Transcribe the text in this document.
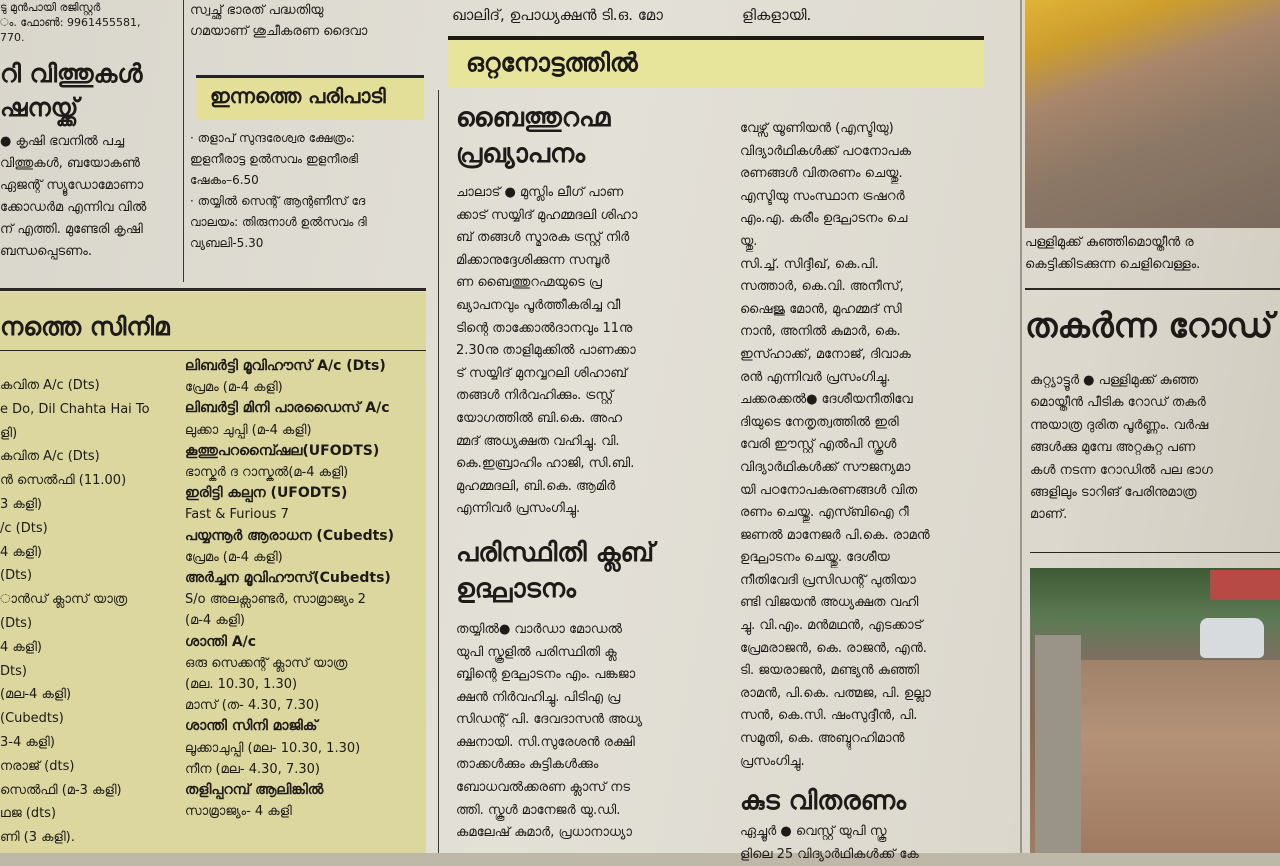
ടു മുൻപായി രജിസ്റ്റർ
ം. ഫോൺ: 9961455581,
770.
റി വിത്തുകൾ
ഷനയ്ക്ക്
● കൃഷി ഭവനിൽ പച്ച
വിത്തുകൾ, ബയോകൺ
ഏജന്റ് സ്യൂഡോമോണാ
ക്കോഡർമ എന്നിവ വിൽ
ന് എത്തി. മുണ്ടേരി കൃഷി
ബന്ധപ്പെടണം.
സ്വച്ഛ് ഭാരത് പദ്ധതിയു
ഗമയാണ് ശുചീകരണ ദൈവാ
· തളാപ് സുന്ദരേശ്വര ക്ഷേത്രം:
ഇളനീരാട്ട ഉൽസവം ഇളനീരഭി
ഷേകം–6.50
· തയ്യിൽ സെന്റ് ആന്റണീസ് ദേ
വാലയം: തിരുനാൾ ഉൽസവം ദി
വ്യബലി-5.30
ഇന്നത്തെ പരിപാടി
നത്തെ സിനിമ
കവിത A/c (Dts)
e Do, Dil Chahta Hai To
ളി)
കവിത A/c (Dts)
ൻ സെൽഫി (11.00)
3 കളി)
/c (Dts)
4 കളി)
(Dts)
ാൻഡ് ക്ലാസ് യാത്ര
(Dts)
4 കളി)
Dts)
(മല-4 കളി)
(Cubedts)
3-4 കളി)
നരാജ് (dts)
സെൽഫി (മ-3 കളി)
ഥജ (dts)
ണി (3 കളി).
ലിബർട്ടി മൂവിഹൗസ് A/c (Dts)
പ്രേമം (മ-4 കളി)
ലിബർട്ടി മിനി പാരഡൈസ് A/c
ലുക്കാ ചുപ്പി (മ-4 കളി)
കൂത്തുപറമ്പ്ഷൈല(UFODTS)
ഭാസ്കർ ദ റാസ്കൽ(മ-4 കളി)
ഇരിട്ടി കല്പന (UFODTS)
Fast & Furious 7
പയ്യന്നൂർ ആരാധന (Cubedts)
പ്രേമം (മ-4 കളി)
അർച്ചന മൂവിഹൗസ്(Cubedts)
S/o അലക്സാണ്ടർ, സാമ്രാജ്യം 2
(മ-4 കളി)
ശാന്തി A/c
ഒരു സെക്കന്റ് ക്ലാസ് യാത്ര
(മല. 10.30, 1.30)
മാസ് (ത- 4.30, 7.30)
ശാന്തി സിനി മാജിക്
ലൂക്കാചുപ്പി (മല- 10.30, 1.30)
നീന (മല- 4.30, 7.30)
തളിപ്പറമ്പ് ആലിങ്കിൽ
സാമ്രാജ്യം- 4 കളി
ഖാലിദ്, ഉപാധ്യക്ഷൻ ടി.ഒ. മോ	ളികളായി.
ഒറ്റനോട്ടത്തിൽ
ബൈത്തുറഹ്മ
പ്രഖ്യാപനം
ചാലാട് ● മുസ്ലിം ലീഗ് പാണ
ക്കാട് സയ്യിദ് മുഹമ്മദലി ശിഹാ
ബ് തങ്ങൾ സ്മാരക ട്രസ്റ്റ് നിർ
മിക്കാനുദ്ദേശിക്കുന്ന സമ്പൂർ
ണ ബൈത്തുറഹ്മയുടെ പ്ര
ഖ്യാപനവും പൂർത്തീകരിച്ച വീ
ടിന്റെ താക്കോൽദാനവും 11നു
2.30നു താളിമുക്കിൽ പാണക്കാ
ട് സയ്യിദ് മുനവ്വറലി ശിഹാബ്
തങ്ങൾ നിർവഹിക്കും. ട്രസ്റ്റ്
യോഗത്തിൽ ബി.കെ. അഹ
മ്മദ് അധ്യക്ഷത വഹിച്ചു. വി.
കെ.ഇബ്രാഹിം ഹാജി, സി.ബി.
മുഹമ്മദലി, ബി.കെ. ആമിർ
എന്നിവർ പ്രസംഗിച്ചു.
പരിസ്ഥിതി ക്ലബ്
ഉദ്ഘാടനം
തയ്യിൽ● വാർഡാ മോഡൽ
യുപി സ്കൂളിൽ പരിസ്ഥിതി ക്ല
ബ്ബിന്റെ ഉദ്ഘാടനം എം. പങ്കജാ
ക്ഷൻ നിർവഹിച്ചു. പിടിഎ പ്ര
സിഡന്റ് പി. ദേവദാസൻ അധ്യ
ക്ഷനായി. സി.സുരേശൻ രക്ഷി
താക്കൾക്കും കുട്ടികൾക്കും
ബോധവൽക്കരണ ക്ലാസ് നട
ത്തി. സ്കൂൾ മാനേജർ യു.ഡി.
കമലേഷ് കുമാർ, പ്രധാനാധ്യാ
വേഴ്സ് യൂണിയൻ (എസ്ടിയു)
വിദ്യാർഥികൾക്ക് പഠനോപക
രണങ്ങൾ വിതരണം ചെയ്തു.
എസ്ടിയു സംസ്ഥാന ട്രഷറർ
എം.എ. കരീം ഉദ്ഘാടനം ചെ
യ്തു.
സി.ച്ച്. സിദ്ദീഖ്, കെ.പി.
സത്താർ, കെ.വി. അനീസ്,
ഷൈജു മോൻ, മുഹമ്മദ് സി
നാൻ, അനിൽ കുമാർ, കെ.
ഇസ്ഹാക്ക്, മനോജ്, ദിവാക
രൻ എന്നിവർ പ്രസംഗിച്ചു.
ചക്കരക്കൽ● ദേശീയനീതിവേ
ദിയുടെ നേതൃത്വത്തിൽ ഇരി
വേരി ഈസ്റ്റ് എൽപി സ്കൂൾ
വിദ്യാർഥികൾക്ക് സൗജന്യമാ
യി പഠനോപകരണങ്ങൾ വിത
രണം ചെയ്തു. എസ്ബിഐ റീ
ജണൽ മാനേജർ പി.കെ. രാമൻ
ഉദ്ഘാടനം ചെയ്തു. ദേശീയ
നീതിവേദി പ്രസിഡന്റ് പുതിയാ
ണ്ടി വിജയൻ അധ്യക്ഷത വഹി
ച്ചു. വി.എം. മൻമഥൻ, എടക്കാട്
പ്രേമരാജൻ, കെ. രാജൻ, എൻ.
ടി. ജയരാജൻ, മണ്ട്യൻ കുഞ്ഞി
രാമൻ, പി.കെ. പത്മജ, പി. ഉല്ലാ
സൻ, കെ.സി. ഷംസുദ്ദീൻ, പി.
സമൂതി, കെ. അബ്ദുറഹിമാൻ
പ്രസംഗിച്ചു.
കുട വിതരണം
ഏച്ചൂർ ● വെസ്റ്റ് യുപി സ്കൂ
ളിലെ 25 വിദ്യാർഥികൾക്ക് കേ
പള്ളിമുക്ക് കുഞ്ഞിമൊയ്തീൻ ര
കെട്ടിക്കിടക്കുന്ന ചെളിവെള്ളം.
തകർന്ന റോഡ്
കുറ്റ്യാട്ടൂർ ● പള്ളിമുക്ക് കുഞ്ഞ
മൊയ്തീൻ പീടിക റോഡ് തകർ
ന്നുയാത്ര ദുരിത പൂർണ്ണം. വർഷ
ങ്ങൾക്കു മുമ്പേ അറ്റകുറ്റ പണ
കൾ നടന്ന റോഡിൽ പല ഭാഗ
ങ്ങളിലും ടാറിങ് പേരിനുമാത്ര
മാണ്.
